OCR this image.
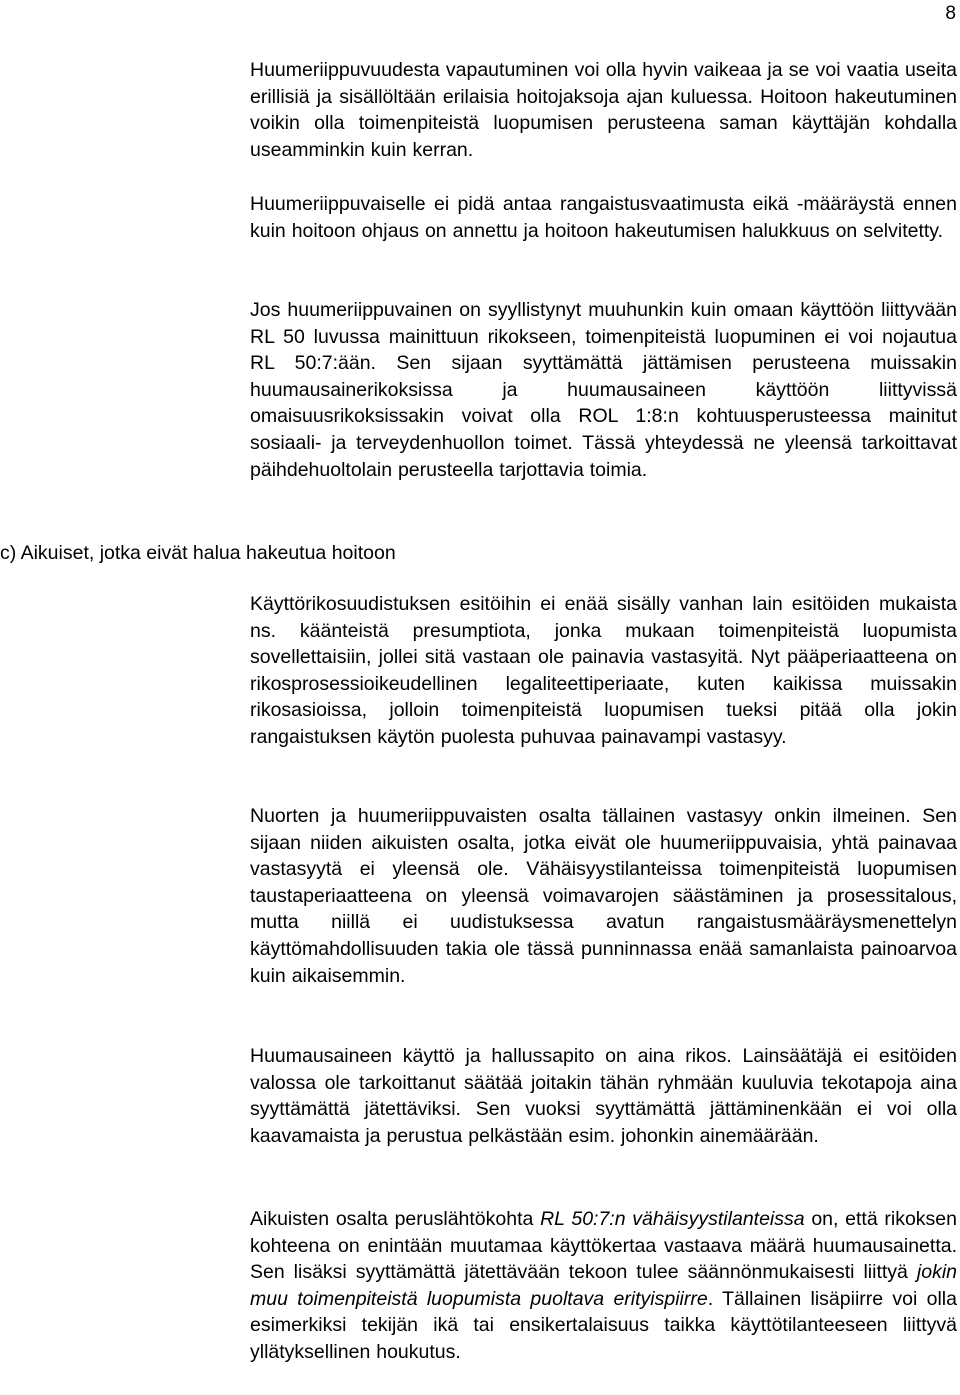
8
c) Aikuiset, jotka eivät halua hakeutua hoitoon

Huumeriippuvuudesta vapautuminen voi olla hyvin vaikeaa ja se voi vaatia useita erillisiä ja sisällöltään erilaisia hoitojaksoja ajan kuluessa. Hoitoon hakeutuminen voikin olla toimenpiteistä luopumisen perusteena saman käyttäjän kohdalla useamminkin kuin kerran.

Huumeriippuvaiselle ei pidä antaa rangaistusvaatimusta eikä -määräystä ennen kuin hoitoon ohjaus on annettu ja hoitoon hakeutumisen halukkuus on selvitetty.

Jos huumeriippuvainen on syyllistynyt muuhunkin kuin omaan käyttöön liittyvään RL 50 luvussa mainittuun rikokseen, toimenpiteistä luopuminen ei voi nojautua RL 50:7:ään. Sen sijaan syyttämättä jättämisen perusteena muissakin huumausainerikoksissa ja huumausaineen käyttöön liittyvissä omaisuusrikoksissakin voivat olla ROL 1:8:n kohtuusperusteessa mainitut sosiaali- ja terveydenhuollon toimet. Tässä yhteydessä ne yleensä tarkoittavat päihdehuoltolain perusteella tarjottavia toimia.

Käyttörikosuudistuksen esitöihin ei enää sisälly vanhan lain esitöiden mukaista ns. käänteistä presumptiota, jonka mukaan toimenpiteistä luopumista sovellettaisiin, jollei sitä vastaan ole painavia vastasyitä. Nyt pääperiaatteena on rikosprosessioikeudellinen legaliteettiperiaate, kuten kaikissa muissakin rikosasioissa, jolloin toimenpiteistä luopumisen tueksi pitää olla jokin rangaistuksen käytön puolesta puhuvaa painavampi vastasyy.

Nuorten ja huumeriippuvaisten osalta tällainen vastasyy onkin ilmeinen. Sen sijaan niiden aikuisten osalta, jotka eivät ole huumeriippuvaisia, yhtä painavaa vastasyytä ei yleensä ole. Vähäisyystilanteissa toimenpiteistä luopumisen taustaperiaatteena on yleensä voimavarojen säästäminen ja prosessitalous, mutta niillä ei uudistuksessa avatun rangaistusmääräysmenettelyn käyttömahdollisuuden takia ole tässä punninnassa enää samanlaista painoarvoa kuin aikaisemmin.

Huumausaineen käyttö ja hallussapito on aina rikos. Lainsäätäjä ei esitöiden valossa ole tarkoittanut säätää joitakin tähän ryhmään kuuluvia tekotapoja aina syyttämättä jätettäviksi. Sen vuoksi syyttämättä jättäminenkään ei voi olla kaavamaista ja perustua pelkästään esim. johonkin ainemäärään.

Aikuisten osalta peruslähtökohta RL 50:7:n vähäisyystilanteissa on, että rikoksen kohteena on enintään muutamaa käyttökertaa vastaava määrä huumausainetta. Sen lisäksi syyttämättä jätettävään tekoon tulee säännönmukaisesti liittyä jokin muu toimenpiteistä luopumista puoltava erityispiirre. Tällainen lisäpiirre voi olla esimerkiksi tekijän ikä tai ensikertalaisuus taikka käyttötilanteeseen liittyvä yllätyksellinen houkutus.
